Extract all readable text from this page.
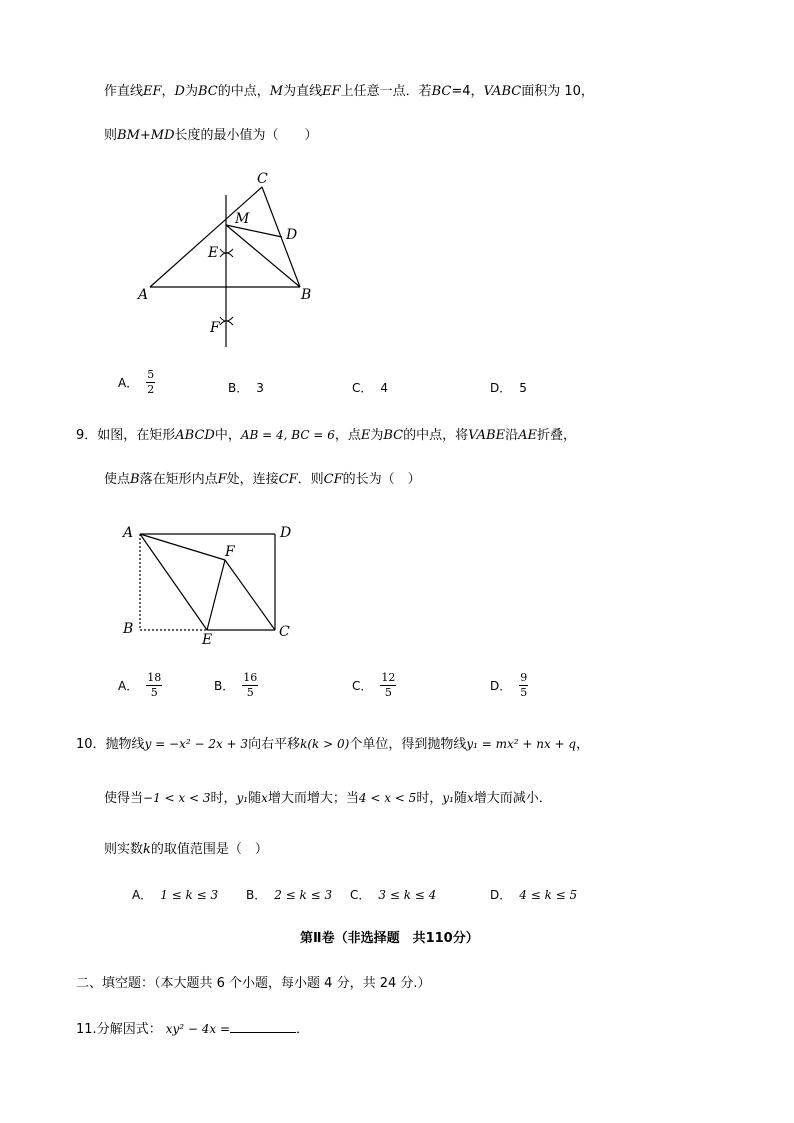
作直线EF，D为BC的中点，M为直线EF上任意一点．若BC=4，VABC面积为 10，
则BM+MD长度的最小值为（　　）
C
M
D
E
A	B
F
A． $\frac{5}{2}$	B． 3	C． 4	D． 5
9．如图，在矩形ABCD中，AB = 4, BC = 6，点E为BC的中点，将VABE沿AE折叠，
使点B落在矩形内点F处，连接CF．则CF的长为（　）
A	D
F
B
E	C
A． $\frac{18}{5}$	B． $\frac{16}{5}$	C． $\frac{12}{5}$	D． $\frac{9}{5}$
10．抛物线y = −x² − 2x + 3向右平移k(k > 0)个单位，得到抛物线y₁ = mx² + nx + q，
使得当−1 < x < 3时，y₁随x增大而增大；当4 < x < 5时，y₁随x增大而减小．
则实数k的取值范围是（　）
A． 1 ≤ k ≤ 3 B． 2 ≤ k ≤ 3 C． 3 ≤ k ≤ 4	D． 4 ≤ k ≤ 5
第Ⅱ卷（非选择题　共110分）
二、填空题：（本大题共 6 个小题，每小题 4 分，共 24 分.）
11.分解因式： xy² − 4x =	．
